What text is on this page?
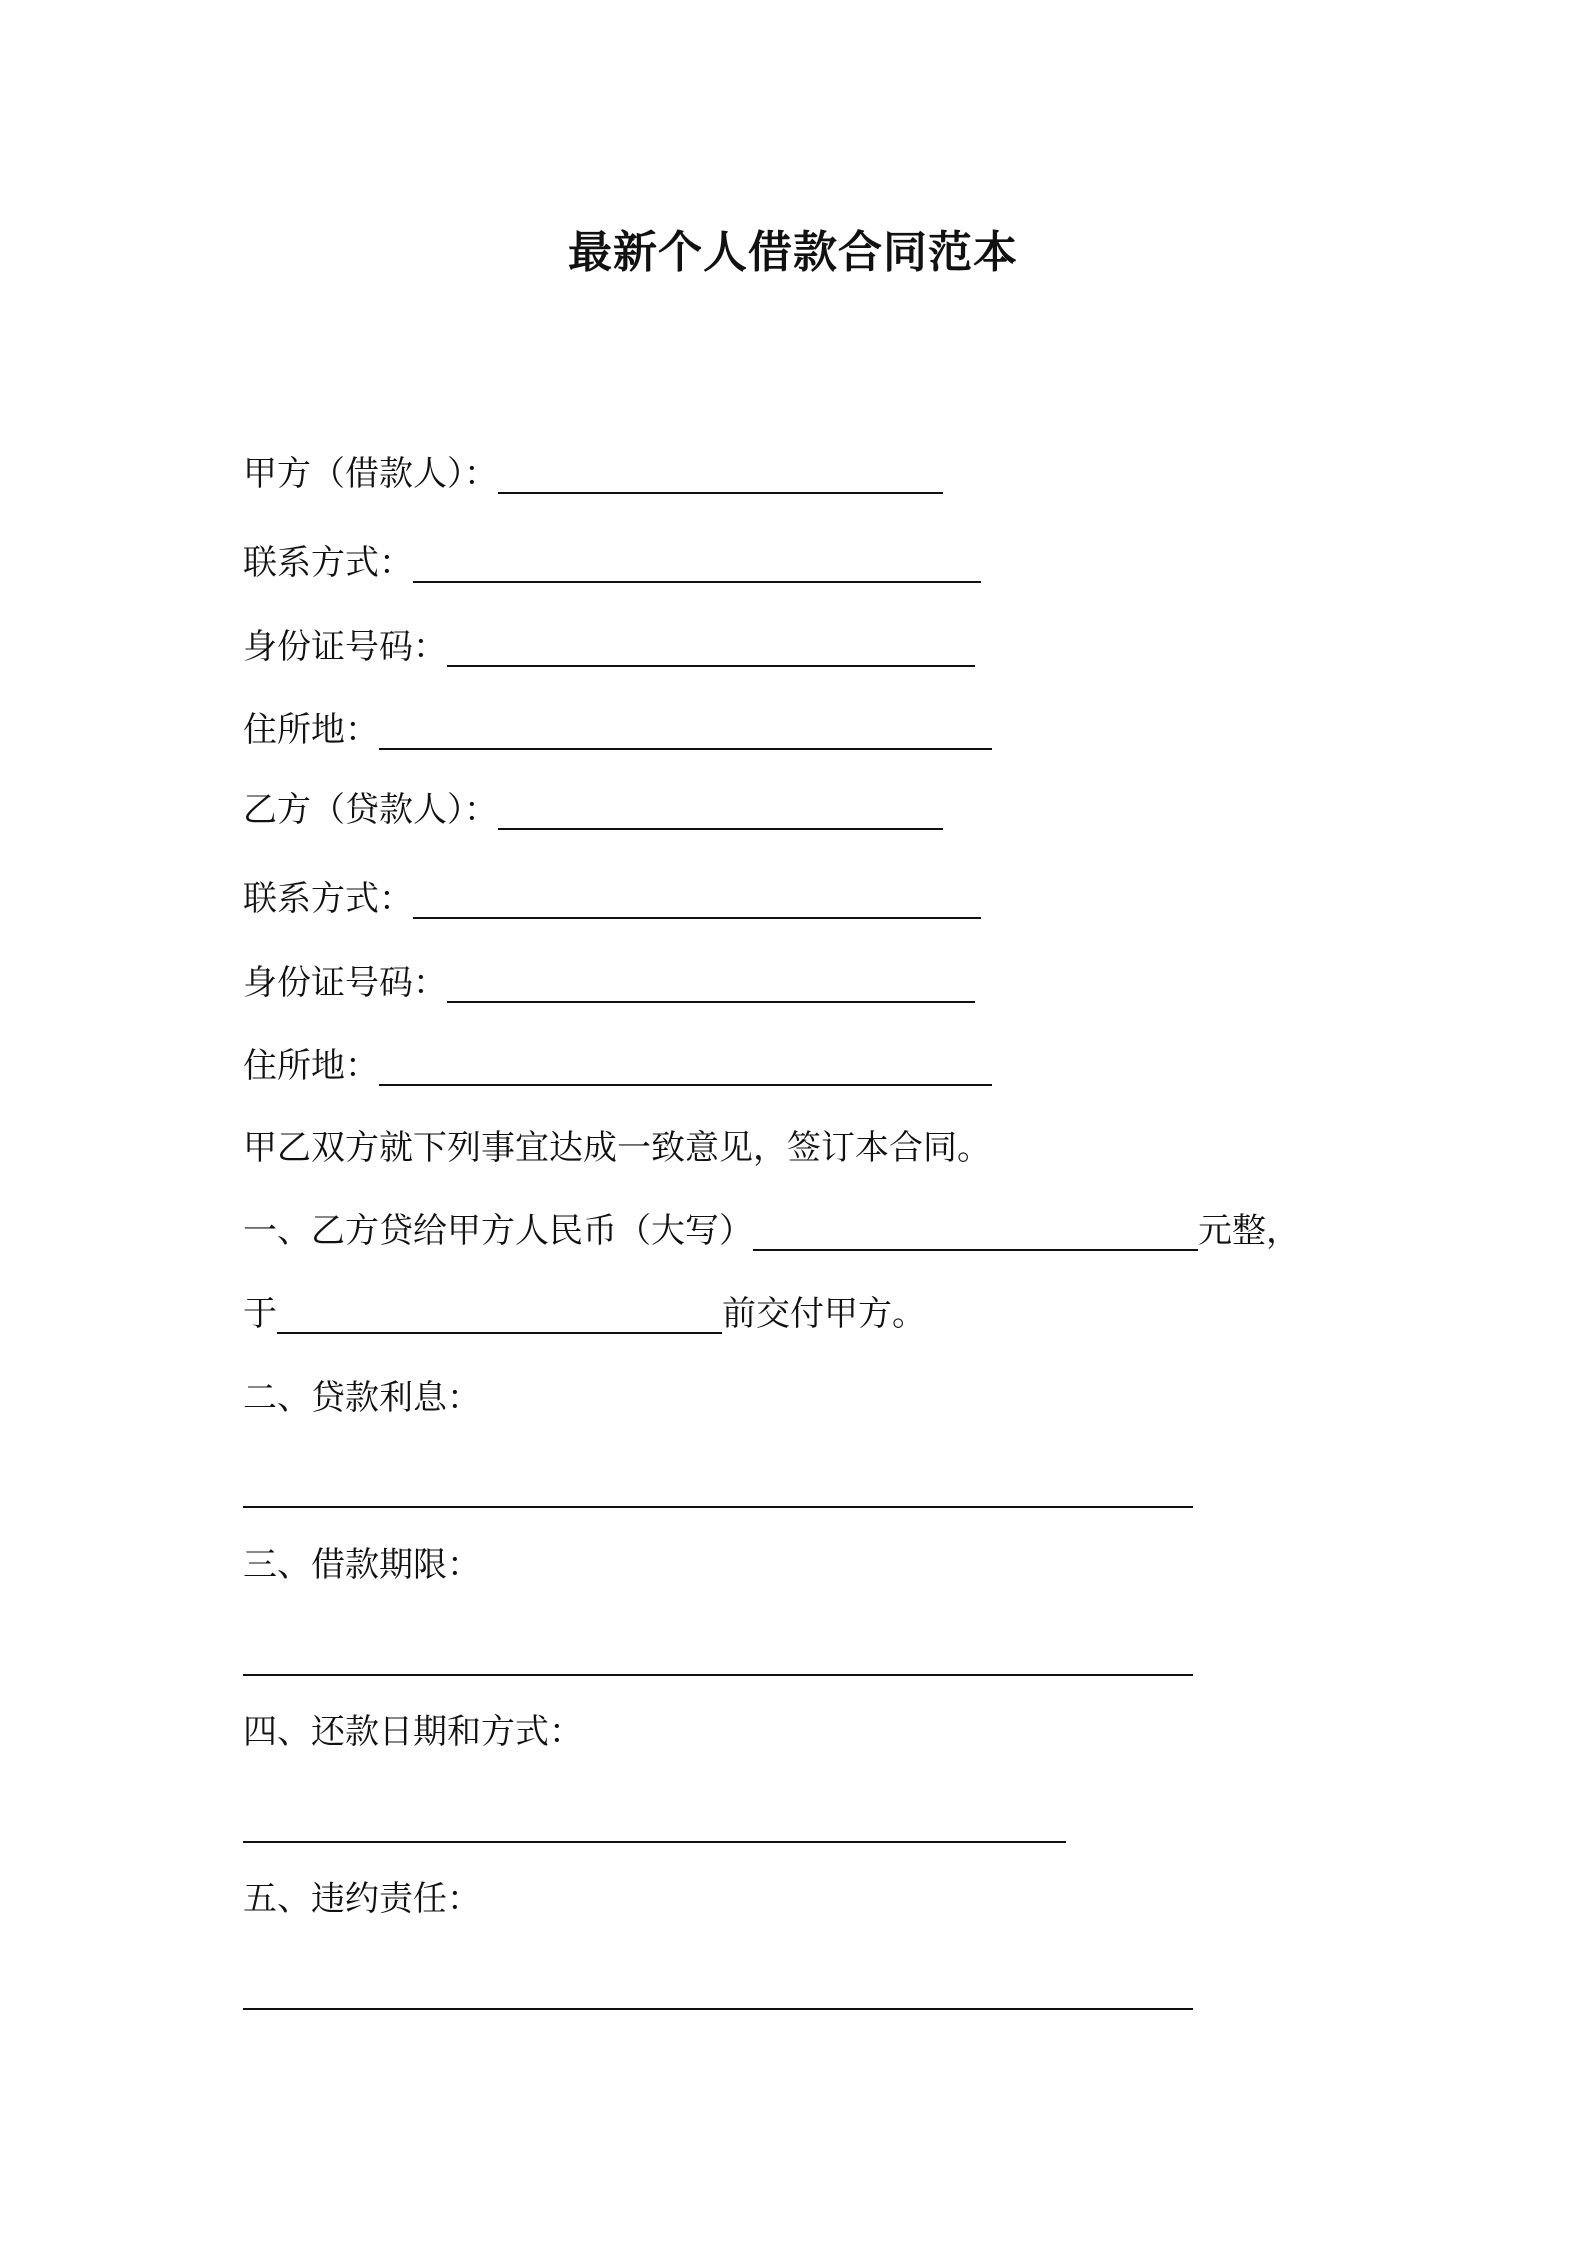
最新个人借款合同范本
甲方（借款人）：
联系方式：
身份证号码：
住所地：
乙方（贷款人）：
联系方式：
身份证号码：
住所地：
甲乙双方就下列事宜达成一致意见，签订本合同。
一、乙方贷给甲方人民币（大写）	元整，
于	前交付甲方。
二、贷款利息：
三、借款期限：
四、还款日期和方式：
五、违约责任：
